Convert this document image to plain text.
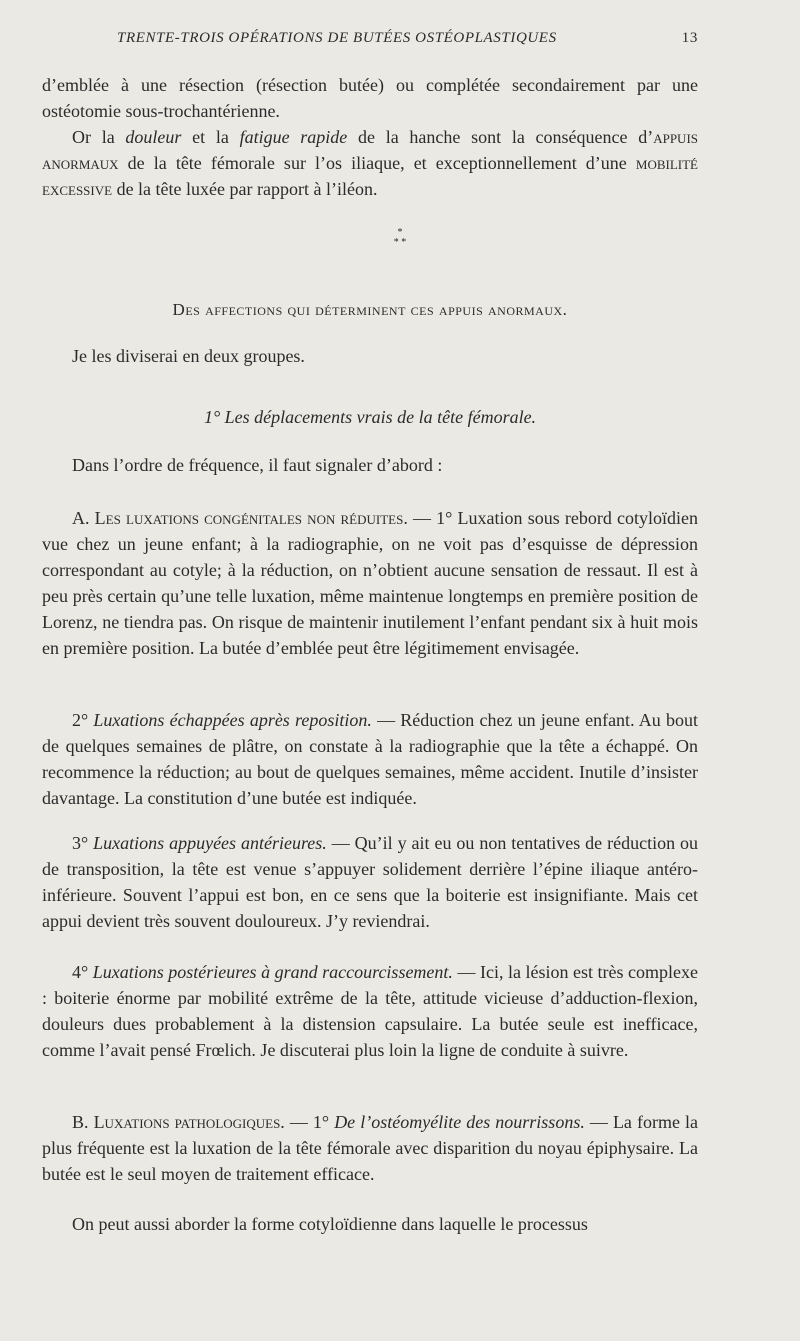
TRENTE-TROIS OPÉRATIONS DE BUTÉES OSTÉOPLASTIQUES	13

d’emblée à une résection (résection butée) ou complétée secondairement par une ostéotomie sous-trochantérienne.

Or la douleur et la fatigue rapide de la hanche sont la conséquence d’appuis anormaux de la tête fémorale sur l’os iliaque, et exceptionnellement d’une mobilité excessive de la tête luxée par rapport à l’iléon.

*
* *

Des affections qui déterminent ces appuis anormaux.

Je les diviserai en deux groupes.

1° Les déplacements vrais de la tête fémorale.

Dans l’ordre de fréquence, il faut signaler d’abord :

A. Les luxations congénitales non réduites. — 1° Luxation sous rebord cotyloïdien vue chez un jeune enfant; à la radiographie, on ne voit pas d’esquisse de dépression correspondant au cotyle; à la réduction, on n’obtient aucune sensation de ressaut. Il est à peu près certain qu’une telle luxation, même maintenue longtemps en première position de Lorenz, ne tiendra pas. On risque de maintenir inutilement l’enfant pendant six à huit mois en première position. La butée d’emblée peut être légitimement envisagée.

2° Luxations échappées après reposition. — Réduction chez un jeune enfant. Au bout de quelques semaines de plâtre, on constate à la radiographie que la tête a échappé. On recommence la réduction; au bout de quelques semaines, même accident. Inutile d’insister davantage. La constitution d’une butée est indiquée.

3° Luxations appuyées antérieures. — Qu’il y ait eu ou non tentatives de réduction ou de transposition, la tête est venue s’appuyer solidement derrière l’épine iliaque antéro-inférieure. Souvent l’appui est bon, en ce sens que la boiterie est insignifiante. Mais cet appui devient très souvent douloureux. J’y reviendrai.

4° Luxations postérieures à grand raccourcissement. — Ici, la lésion est très complexe : boiterie énorme par mobilité extrême de la tête, attitude vicieuse d’adduction-flexion, douleurs dues probablement à la distension capsulaire. La butée seule est inefficace, comme l’avait pensé Frœlich. Je discuterai plus loin la ligne de conduite à suivre.

B. Luxations pathologiques. — 1° De l’ostéomyélite des nourrissons. — La forme la plus fréquente est la luxation de la tête fémorale avec disparition du noyau épiphysaire. La butée est le seul moyen de traitement efficace.

On peut aussi aborder la forme cotyloïdienne dans laquelle le processus
